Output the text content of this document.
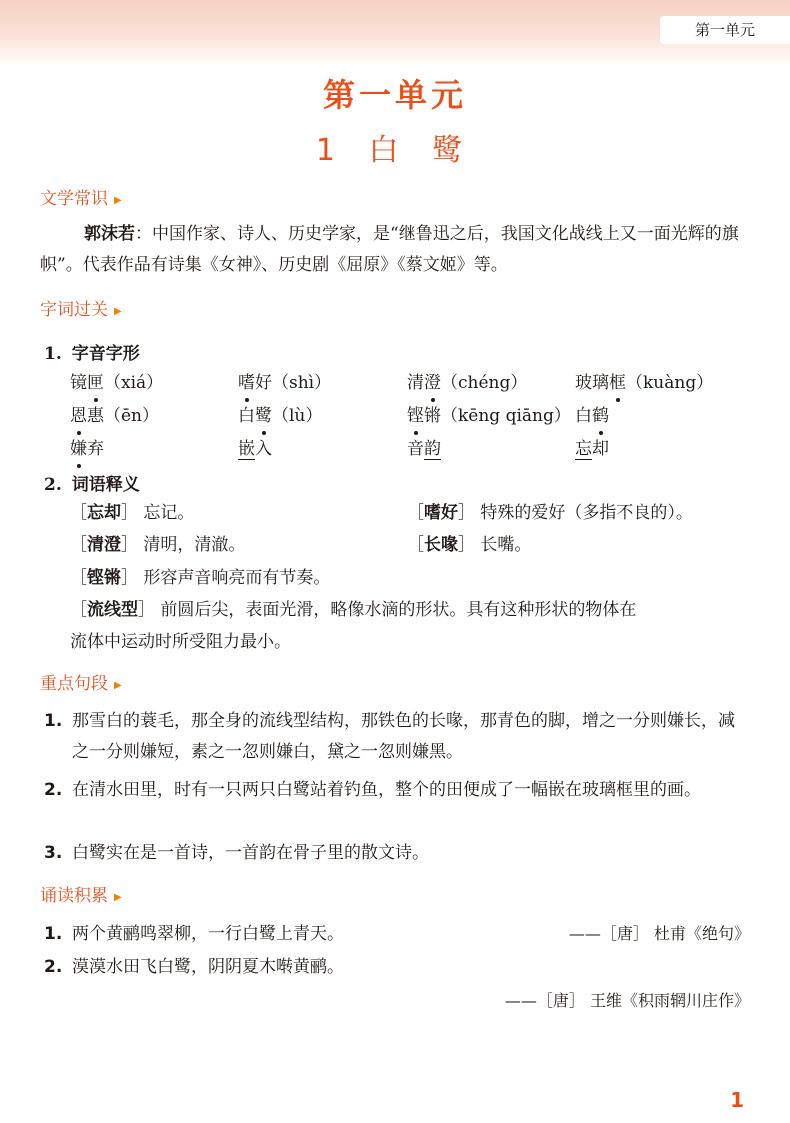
第一单元
第一单元
1 白 鹭
文学常识 ▶

郭沫若：中国作家、诗人、历史学家，是“继鲁迅之后，我国文化战线上又一面光辉的旗帜”。代表作品有诗集《女神》、历史剧《屈原》《蔡文姬》等。

字词过关 ▶
1. 字音字形
镜匣（xiá）	嗜好（shì）	清澄（chéng）	玻璃框（kuàng）
恩惠（ēn）	白鹭（lù）	铿锵（kēng qiāng） 白鹤
嫌弃	嵌入	音韵	忘却
2. 词语释义
［忘却］ 忘记。	［嗜好］ 特殊的爱好（多指不良的）。
［清澄］ 清明，清澈。	［长喙］ 长嘴。
［铿锵］ 形容声音响亮而有节奏。
［流线型］ 前圆后尖，表面光滑，略像水滴的形状。具有这种形状的物体在
流体中运动时所受阻力最小。
重点句段 ▶
1. 那雪白的蓑毛，那全身的流线型结构，那铁色的长喙，那青色的脚，增之一分则嫌长，减之一分则嫌短，素之一忽则嫌白，黛之一忽则嫌黑。
2. 在清水田里，时有一只两只白鹭站着钓鱼，整个的田便成了一幅嵌在玻璃框里的画。
3. 白鹭实在是一首诗，一首韵在骨子里的散文诗。
诵读积累 ▶
1. 两个黄鹂鸣翠柳，一行白鹭上青天。	——［唐］ 杜甫《绝句》
2. 漠漠水田飞白鹭，阴阴夏木啭黄鹂。
——［唐］ 王维《积雨辋川庄作》
1
